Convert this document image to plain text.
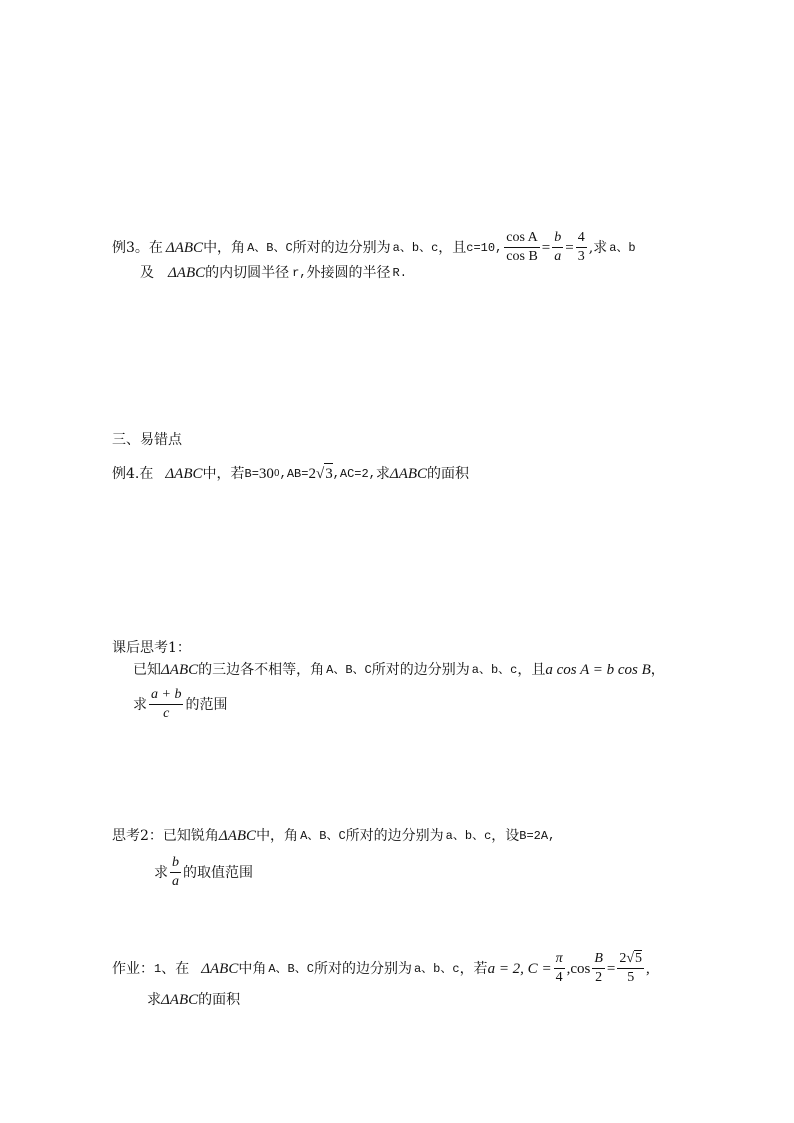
例3。在 ΔABC 中，角 A、B、C 所对的边分别为 a、b、c ，且 c=10, $\frac{\text{cos A}}{\text{cos B}} = \frac{b}{a} = \frac{4}{3}$ ,求 a、b
及 ΔABC 的内切圆半径 r, 外接圆的半径 R.
三、易错点
例4.在 ΔABC 中，若 B= 30 0 ,AB= 2 √ 3 ,AC=2, 求 ΔABC 的面积
课后思考1：
已知 ΔABC 的三边各不相等，角 A、B、C 所对的边分别为 a、b、c ，且 a cos A = b cos B ，
求 $\frac{a + b}{c}$ 的范围
思考2：已知锐角 ΔABC 中，角 A、B、C 所对的边分别为 a、b、c ，设 B=2A,
求 $\frac{b}{a}$ 的取值范围
作业： 1 、在 ΔABC 中角 A、B、C 所对的边分别为 a、b、c ，若 a = 2, $C = \frac{\pi}{4} ,\cos \frac{B}{2} = \frac{2√5}{5}$ ,
求 ΔABC 的面积
